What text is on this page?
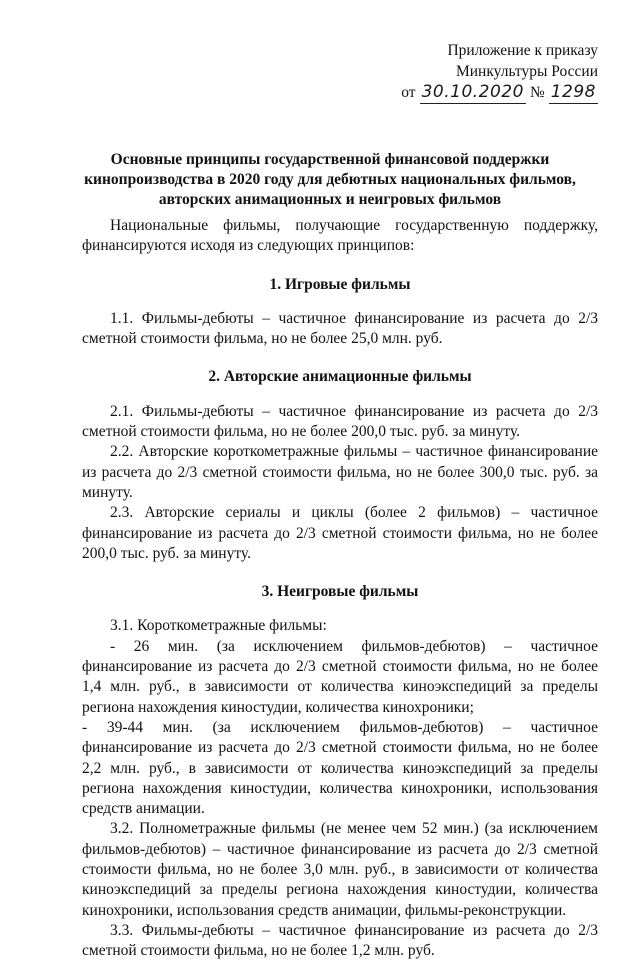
Приложение к приказу
Минкультуры России
от 30.10.2020 № 1298
Основные принципы государственной финансовой поддержки
кинопроизводства в 2020 году для дебютных национальных фильмов,
авторских анимационных и неигровых фильмов

Национальные фильмы, получающие государственную поддержку, финансируются исходя из следующих принципов:

1. Игровые фильмы

1.1. Фильмы-дебюты – частичное финансирование из расчета до 2/3 сметной стоимости фильма, но не более 25,0 млн. руб.

2. Авторские анимационные фильмы

2.1. Фильмы-дебюты – частичное финансирование из расчета до 2/3 сметной стоимости фильма, но не более 200,0 тыс. руб. за минуту.

2.2. Авторские короткометражные фильмы – частичное финансирование из расчета до 2/3 сметной стоимости фильма, но не более 300,0 тыс. руб. за минуту.

2.3. Авторские сериалы и циклы (более 2 фильмов) – частичное финансирование из расчета до 2/3 сметной стоимости фильма, но не более 200,0 тыс. руб. за минуту.

3. Неигровые фильмы

3.1. Короткометражные фильмы:

- 26 мин. (за исключением фильмов-дебютов) – частичное финансирование из расчета до 2/3 сметной стоимости фильма, но не более 1,4 млн. руб., в зависимости от количества киноэкспедиций за пределы региона нахождения киностудии, количества кинохроники;

- 39-44 мин. (за исключением фильмов-дебютов) – частичное финансирование из расчета до 2/3 сметной стоимости фильма, но не более 2,2 млн. руб., в зависимости от количества киноэкспедиций за пределы региона нахождения киностудии, количества кинохроники, использования средств анимации.

3.2. Полнометражные фильмы (не менее чем 52 мин.) (за исключением фильмов-дебютов) – частичное финансирование из расчета до 2/3 сметной стоимости фильма, но не более 3,0 млн. руб., в зависимости от количества киноэкспедиций за пределы региона нахождения киностудии, количества кинохроники, использования средств анимации, фильмы-реконструкции.

3.3. Фильмы-дебюты – частичное финансирование из расчета до 2/3 сметной стоимости фильма, но не более 1,2 млн. руб.
